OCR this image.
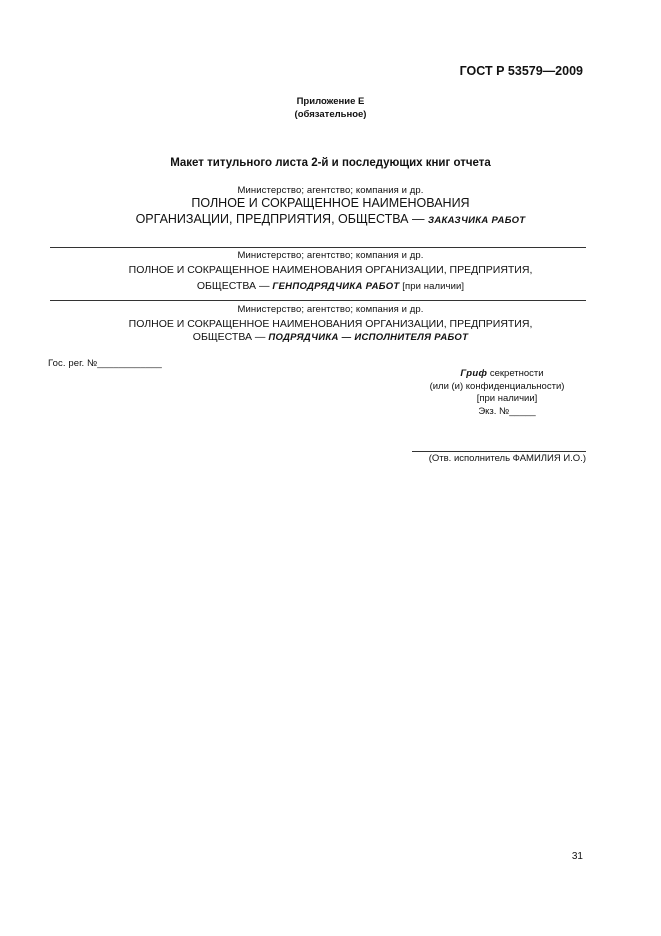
ГОСТ Р 53579—2009
Приложение Е
(обязательное)
Макет титульного листа 2-й и последующих книг отчета
Министерство; агентство; компания и др.
ПОЛНОЕ И СОКРАЩЕННОЕ НАИМЕНОВАНИЯ
ОРГАНИЗАЦИИ, ПРЕДПРИЯТИЯ, ОБЩЕСТВА — ЗАКАЗЧИКА РАБОТ
Министерство; агентство; компания и др.
ПОЛНОЕ И СОКРАЩЕННОЕ НАИМЕНОВАНИЯ ОРГАНИЗАЦИИ, ПРЕДПРИЯТИЯ,
ОБЩЕСТВА — ГЕНПОДРЯДЧИКА РАБОТ [при наличии]
Министерство; агентство; компания и др.
ПОЛНОЕ И СОКРАЩЕННОЕ НАИМЕНОВАНИЯ ОРГАНИЗАЦИИ, ПРЕДПРИЯТИЯ,
ОБЩЕСТВА — ПОДРЯДЧИКА — ИСПОЛНИТЕЛЯ РАБОТ
Гос. рег. №____________
Гриф секретности
(или (и) конфиденциальности)
[при наличии]
Экз. №_____
(Отв. исполнитель ФАМИЛИЯ И.О.)
31
